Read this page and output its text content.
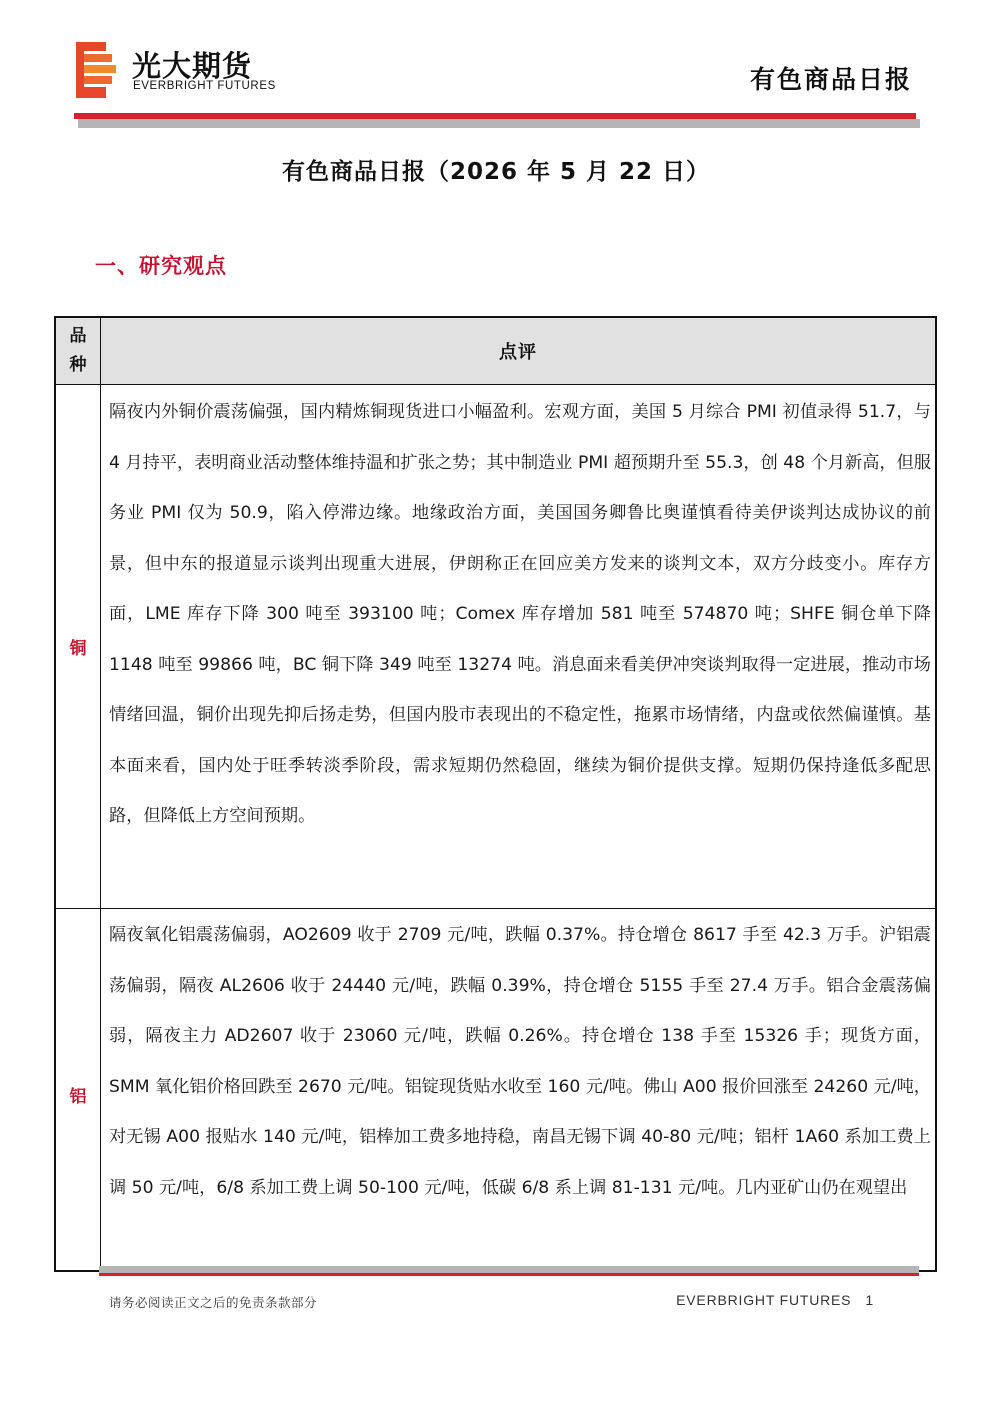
光大期货
EVERBRIGHT FUTURES	有色商品日报
有色商品日报（2026 年 5 月 22 日）
一、研究观点
品
种
点评
铜
隔夜内外铜价震荡偏强，国内精炼铜现货进口小幅盈利。宏观方面，美国 5 月综合 PMI 初值录得 51.7，与 4 月持平，表明商业活动整体维持温和扩张之势；其中制造业 PMI 超预期升至 55.3，创 48 个月新高，但服务业 PMI 仅为 50.9，陷入停滞边缘。地缘政治方面，美国国务卿鲁比奥谨慎看待美伊谈判达成协议的前景，但中东的报道显示谈判出现重大进展，伊朗称正在回应美方发来的谈判文本，双方分歧变小。库存方面，LME 库存下降 300 吨至 393100 吨；Comex 库存增加 581 吨至 574870 吨；SHFE 铜仓单下降 1148 吨至 99866 吨，BC 铜下降 349 吨至 13274 吨。消息面来看美伊冲突谈判取得一定进展，推动市场情绪回温，铜价出现先抑后扬走势，但国内股市表现出的不稳定性，拖累市场情绪，内盘或依然偏谨慎。基本面来看，国内处于旺季转淡季阶段，需求短期仍然稳固，继续为铜价提供支撑。短期仍保持逢低多配思路，但降低上方空间预期。
铝
隔夜氧化铝震荡偏弱，AO2609 收于 2709 元/吨，跌幅 0.37%。持仓增仓 8617 手至 42.3 万手。沪铝震荡偏弱，隔夜 AL2606 收于 24440 元/吨，跌幅 0.39%，持仓增仓 5155 手至 27.4 万手。铝合金震荡偏弱，隔夜主力 AD2607 收于 23060 元/吨，跌幅 0.26%。持仓增仓 138 手至 15326 手；现货方面，SMM 氧化铝价格回跌至 2670 元/吨。铝锭现货贴水收至 160 元/吨。佛山 A00 报价回涨至 24260 元/吨，对无锡 A00 报贴水 140 元/吨，铝棒加工费多地持稳，南昌无锡下调 40-80 元/吨；铝杆 1A60 系加工费上调 50 元/吨，6/8 系加工费上调 50-100 元/吨，低碳 6/8 系上调 81-131 元/吨。几内亚矿山仍在观望出
请务必阅读正文之后的免责条款部分	EVERBRIGHT FUTURES 1
